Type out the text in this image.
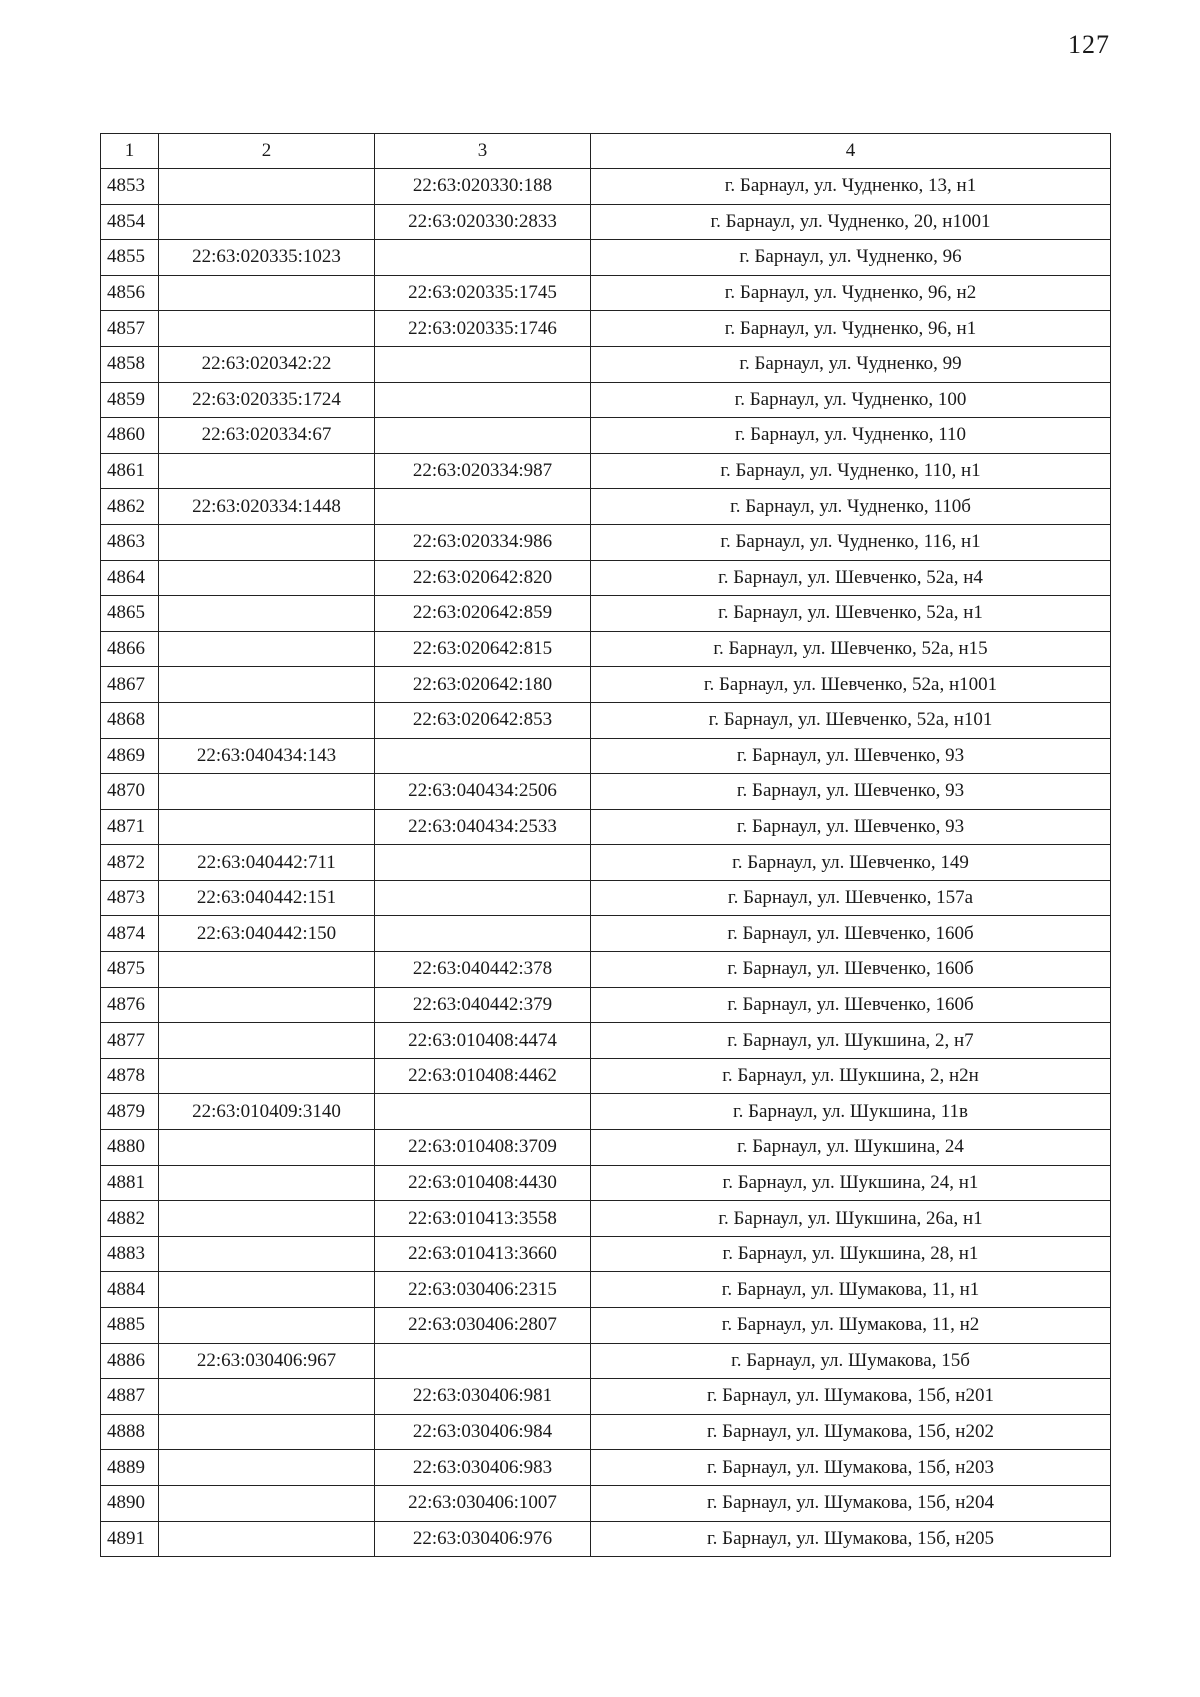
127
1	2	3	4
4853		22:63:020330:188	г. Барнаул, ул. Чудненко, 13, н1
4854		22:63:020330:2833	г. Барнаул, ул. Чудненко, 20, н1001
4855	22:63:020335:1023		г. Барнаул, ул. Чудненко, 96
4856		22:63:020335:1745	г. Барнаул, ул. Чудненко, 96, н2
4857		22:63:020335:1746	г. Барнаул, ул. Чудненко, 96, н1
4858	22:63:020342:22		г. Барнаул, ул. Чудненко, 99
4859	22:63:020335:1724		г. Барнаул, ул. Чудненко, 100
4860	22:63:020334:67		г. Барнаул, ул. Чудненко, 110
4861		22:63:020334:987	г. Барнаул, ул. Чудненко, 110, н1
4862	22:63:020334:1448		г. Барнаул, ул. Чудненко, 110б
4863		22:63:020334:986	г. Барнаул, ул. Чудненко, 116, н1
4864		22:63:020642:820	г. Барнаул, ул. Шевченко, 52а, н4
4865		22:63:020642:859	г. Барнаул, ул. Шевченко, 52а, н1
4866		22:63:020642:815	г. Барнаул, ул. Шевченко, 52а, н15
4867		22:63:020642:180	г. Барнаул, ул. Шевченко, 52а, н1001
4868		22:63:020642:853	г. Барнаул, ул. Шевченко, 52а, н101
4869	22:63:040434:143		г. Барнаул, ул. Шевченко, 93
4870		22:63:040434:2506	г. Барнаул, ул. Шевченко, 93
4871		22:63:040434:2533	г. Барнаул, ул. Шевченко, 93
4872	22:63:040442:711		г. Барнаул, ул. Шевченко, 149
4873	22:63:040442:151		г. Барнаул, ул. Шевченко, 157а
4874	22:63:040442:150		г. Барнаул, ул. Шевченко, 160б
4875		22:63:040442:378	г. Барнаул, ул. Шевченко, 160б
4876		22:63:040442:379	г. Барнаул, ул. Шевченко, 160б
4877		22:63:010408:4474	г. Барнаул, ул. Шукшина, 2, н7
4878		22:63:010408:4462	г. Барнаул, ул. Шукшина, 2, н2н
4879	22:63:010409:3140		г. Барнаул, ул. Шукшина, 11в
4880		22:63:010408:3709	г. Барнаул, ул. Шукшина, 24
4881		22:63:010408:4430	г. Барнаул, ул. Шукшина, 24, н1
4882		22:63:010413:3558	г. Барнаул, ул. Шукшина, 26а, н1
4883		22:63:010413:3660	г. Барнаул, ул. Шукшина, 28, н1
4884		22:63:030406:2315	г. Барнаул, ул. Шумакова, 11, н1
4885		22:63:030406:2807	г. Барнаул, ул. Шумакова, 11, н2
4886	22:63:030406:967		г. Барнаул, ул. Шумакова, 15б
4887		22:63:030406:981	г. Барнаул, ул. Шумакова, 15б, н201
4888		22:63:030406:984	г. Барнаул, ул. Шумакова, 15б, н202
4889		22:63:030406:983	г. Барнаул, ул. Шумакова, 15б, н203
4890		22:63:030406:1007	г. Барнаул, ул. Шумакова, 15б, н204
4891		22:63:030406:976	г. Барнаул, ул. Шумакова, 15б, н205
